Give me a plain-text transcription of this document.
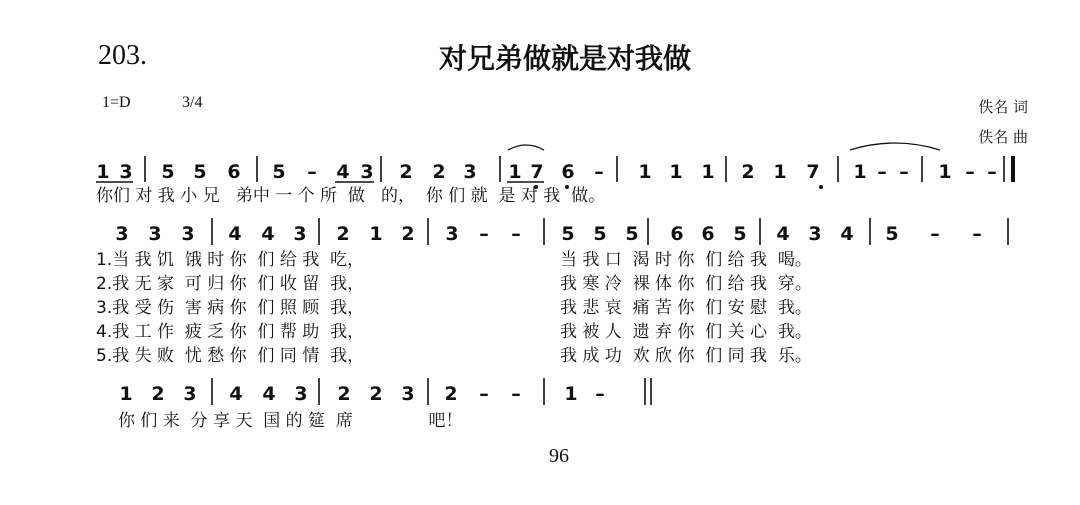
203.	对兄弟做就是对我做
1=D	3/4	佚名 词
佚名 曲
96
1 3 5 5 6 5 – 4 3 2 2 3 1 7 6 – 1 1 1 2 1 7 1 – – 1 – –
3 3 3 4 4 3 2 1 2 3 – – 5 5 5 6 6 5 4 3 4 5 – –
1 2 3 4 4 3 2 2 3 2 – – 1 –
你们 对 我 小 兄   弟中 一 个 所  做   的，  你 们 就  是 对 我  做。
1.当 我 饥  饿 时 你  们 给 我  吃，	当 我 口  渴 时 你  们 给 我  喝。
2.我 无 家  可 归 你  们 收 留  我，	我 寒 冷  裸 体 你  们 给 我  穿。
3.我 受 伤  害 病 你  们 照 顾  我，	我 悲 哀  痛 苦 你  们 安 慰  我。
4.我 工 作  疲 乏 你  们 帮 助  我，	我 被 人  遗 弃 你  们 关 心  我。
5.我 失 败  忧 愁 你  们 同 情  我，	我 成 功  欢 欣 你  们 同 我  乐。
你 们 来  分 享 天  国 的 筵  席              吧！
